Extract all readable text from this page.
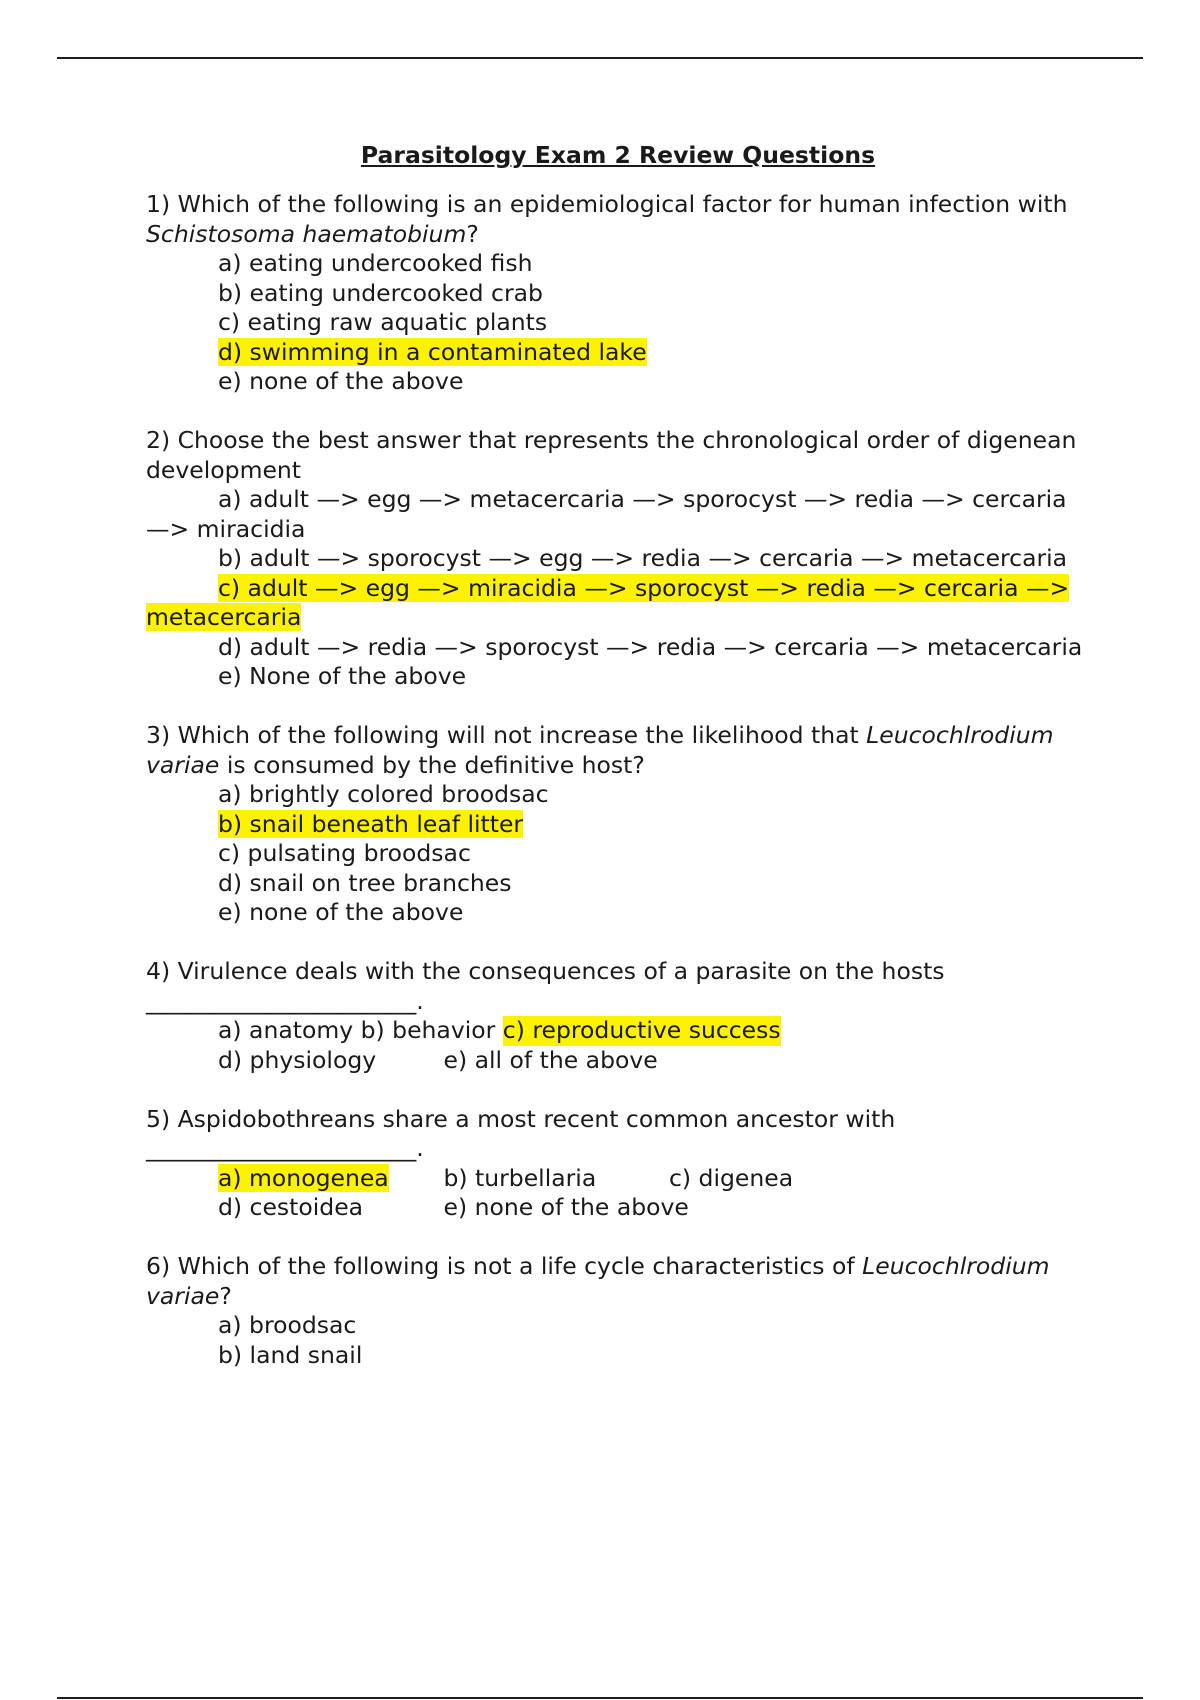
Parasitology Exam 2 Review Questions

1) Which of the following is an epidemiological factor for human infection with Schistosoma haematobium?

a) eating undercooked fish

b) eating undercooked crab

c) eating raw aquatic plants

d) swimming in a contaminated lake

e) none of the above

2) Choose the best answer that represents the chronological order of digenean development

a) adult —> egg —> metacercaria —> sporocyst —> redia —> cercaria —> miracidia

b) adult —> sporocyst —> egg —> redia —> cercaria —> metacercaria

c) adult —> egg —> miracidia —> sporocyst —> redia —> cercaria —> metacercaria

d) adult —> redia —> sporocyst —> redia —> cercaria —> metacercaria

e) None of the above

3) Which of the following will not increase the likelihood that Leucochlrodium variae is consumed by the definitive host?

a) brightly colored broodsac

b) snail beneath leaf litter

c) pulsating broodsac

d) snail on tree branches

e) none of the above

4) Virulence deals with the consequences of a parasite on the hosts

_______________________.

a) anatomy b) behavior c) reproductive success
d) physiology	e) all of the above

5) Aspidobothreans share a most recent common ancestor with

_______________________.

a) monogenea b) turbellaria	c) digenea
d) cestoidea	e) none of the above

6) Which of the following is not a life cycle characteristics of Leucochlrodium variae?

a) broodsac

b) land snail
